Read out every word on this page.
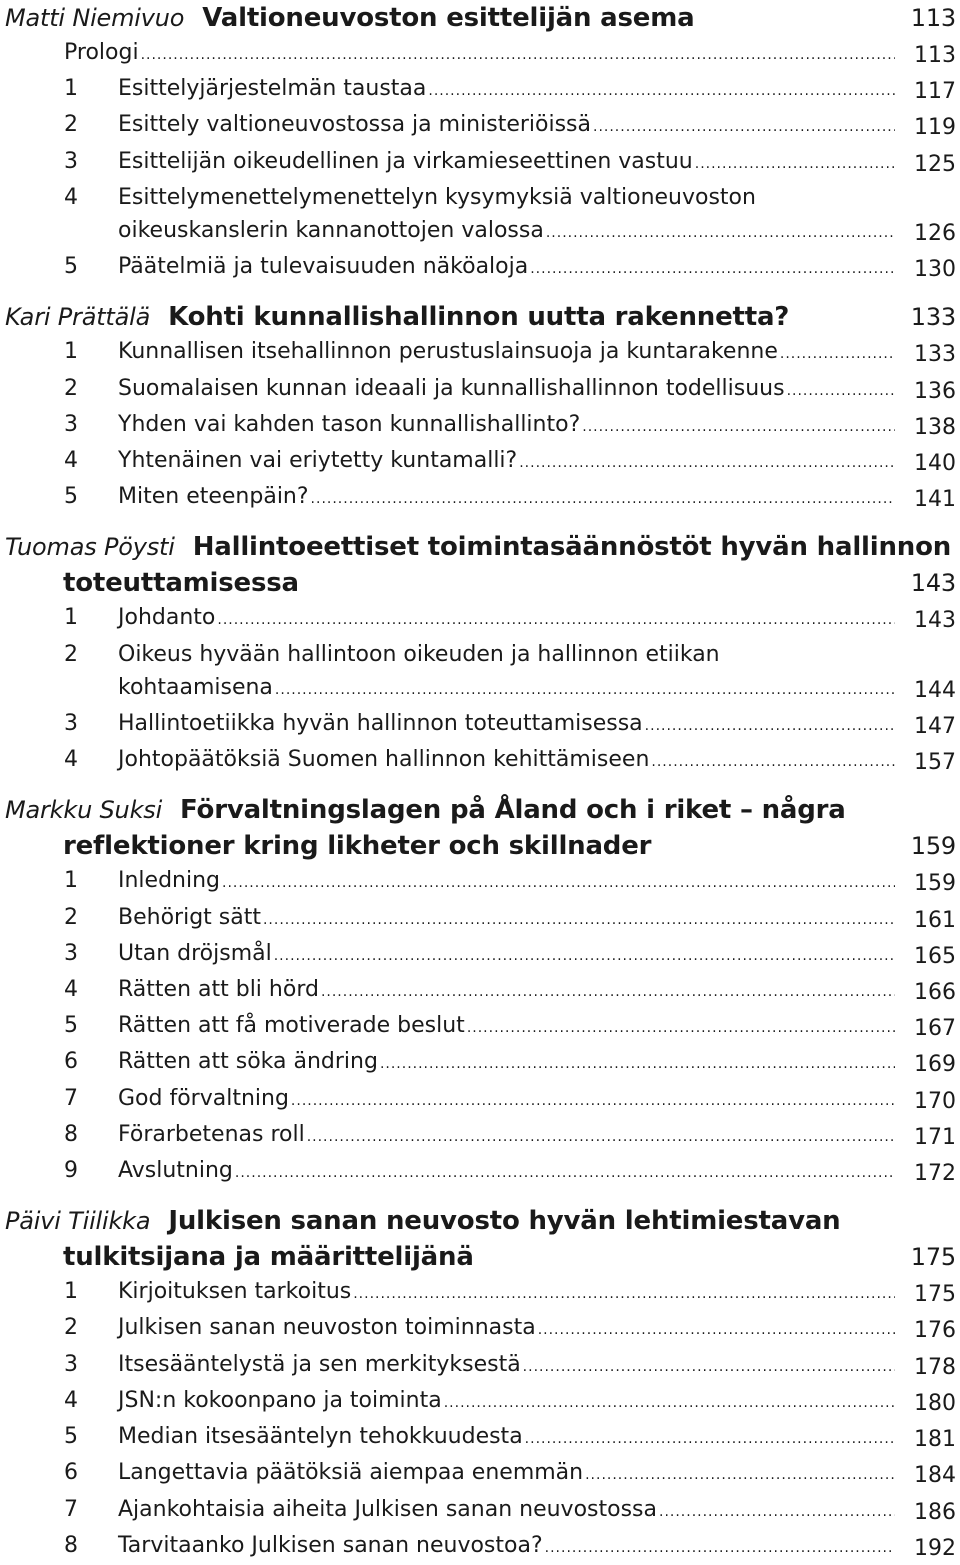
Matti Niemivuo Valtioneuvoston esittelijän asema	113
Prologi .....	113
1 Esittelyjärjestelmän taustaa .....	117
2 Esittely valtioneuvostossa ja ministeriöissä .....	119
3 Esittelijän oikeudellinen ja virkamieseettinen vastuu .....	125
4 Esittelymenettelymenettelyn kysymyksiä valtioneuvoston
oikeuskanslerin kannanottojen valossa .....	126
5 Päätelmiä ja tulevaisuuden näköaloja .....	130
Kari Prättälä Kohti kunnallishallinnon uutta rakennetta?	133
1 Kunnallisen itsehallinnon perustuslainsuoja ja kuntarakenne .....	133
2 Suomalaisen kunnan ideaali ja kunnallishallinnon todellisuus .....	136
3 Yhden vai kahden tason kunnallishallinto? .....	138
4 Yhtenäinen vai eriytetty kuntamalli? .....	140
5 Miten eteenpäin? .....	141
Tuomas Pöysti Hallintoeettiset toimintasäännöstöt hyvän hallinnon
toteuttamisessa	143
1 Johdanto .....	143
2 Oikeus hyvään hallintoon oikeuden ja hallinnon etiikan
kohtaamisena .....	144
3 Hallintoetiikka hyvän hallinnon toteuttamisessa .....	147
4 Johtopäätöksiä Suomen hallinnon kehittämiseen .....	157
Markku Suksi Förvaltningslagen på Åland och i riket – några
reflektioner kring likheter och skillnader	159
1 Inledning .....	159
2 Behörigt sätt .....	161
3 Utan dröjsmål .....	165
4 Rätten att bli hörd .....	166
5 Rätten att få motiverade beslut .....	167
6 Rätten att söka ändring .....	169
7 God förvaltning .....	170
8 Förarbetenas roll .....	171
9 Avslutning .....	172
Päivi Tiilikka Julkisen sanan neuvosto hyvän lehtimiestavan
tulkitsijana ja määrittelijänä	175
1 Kirjoituksen tarkoitus .....	175
2 Julkisen sanan neuvoston toiminnasta .....	176
3 Itsesääntelystä ja sen merkityksestä .....	178
4 JSN:n kokoonpano ja toiminta .....	180
5 Median itsesääntelyn tehokkuudesta .....	181
6 Langettavia päätöksiä aiempaa enemmän .....	184
7 Ajankohtaisia aiheita Julkisen sanan neuvostossa .....	186
8 Tarvitaanko Julkisen sanan neuvostoa? .....	192
